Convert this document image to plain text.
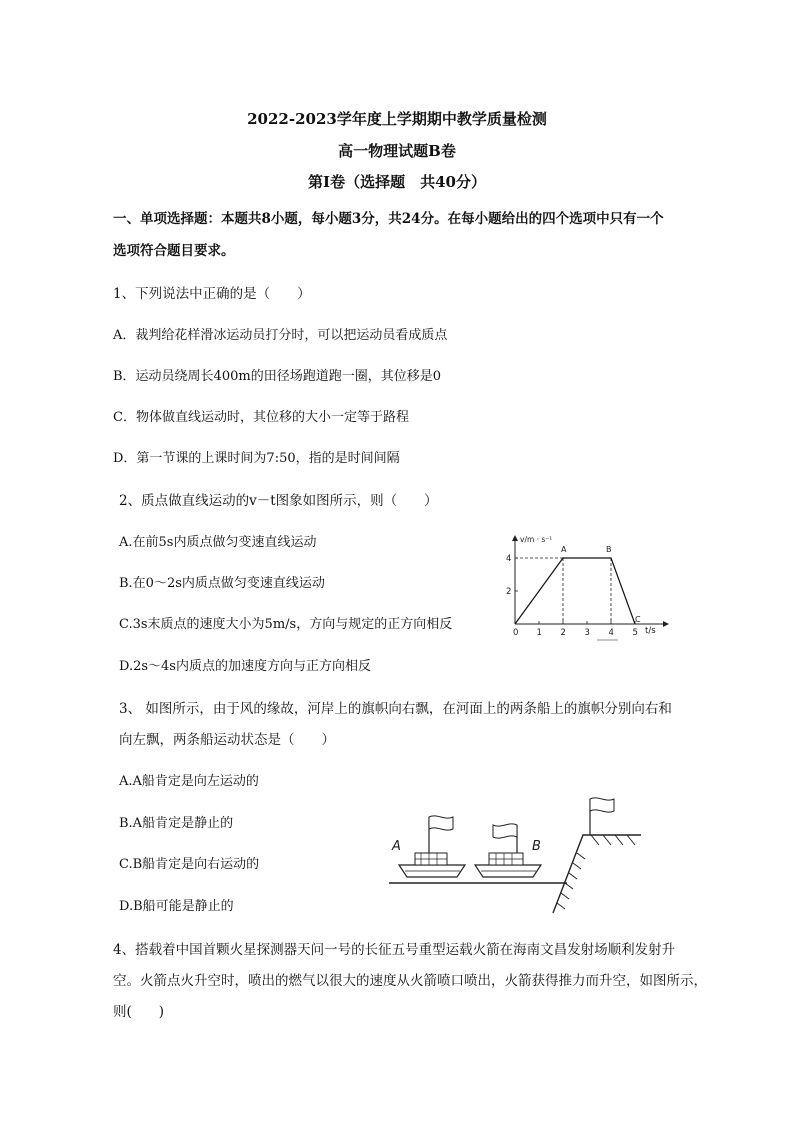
2022-2023学年度上学期期中教学质量检测
高一物理试题B卷
第Ⅰ卷（选择题　共40分）
一、单项选择题：本题共8小题，每小题3分，共24分。在每小题给出的四个选项中只有一个
选项符合题目要求。
1、下列说法中正确的是（　　）
A．裁判给花样滑冰运动员打分时，可以把运动员看成质点
B．运动员绕周长400m的田径场跑道跑一圈，其位移是0
C．物体做直线运动时，其位移的大小一定等于路程
D．第一节课的上课时间为7:50，指的是时间间隔
2、质点做直线运动的v－t图象如图所示，则（　　）
A.在前5s内质点做匀变速直线运动
B.在0～2s内质点做匀变速直线运动
C.3s末质点的速度大小为5m/s，方向与规定的正方向相反
D.2s～4s内质点的加速度方向与正方向相反
0 1 2 3 4 5
2
4
v/m · s⁻¹
t/s
A	B
C
3、 如图所示，由于风的缘故，河岸上的旗帜向右飘，在河面上的两条船上的旗帜分别向右和
向左飘，两条船运动状态是（　　）
A.A船肯定是向左运动的
B.A船肯定是静止的
C.B船肯定是向右运动的
D.B船可能是静止的
A	B
4、搭载着中国首颗火星探测器天问一号的长征五号重型运载火箭在海南文昌发射场顺利发射升
空。火箭点火升空时，喷出的燃气以很大的速度从火箭喷口喷出，火箭获得推力而升空，如图所示，
则(　　)
